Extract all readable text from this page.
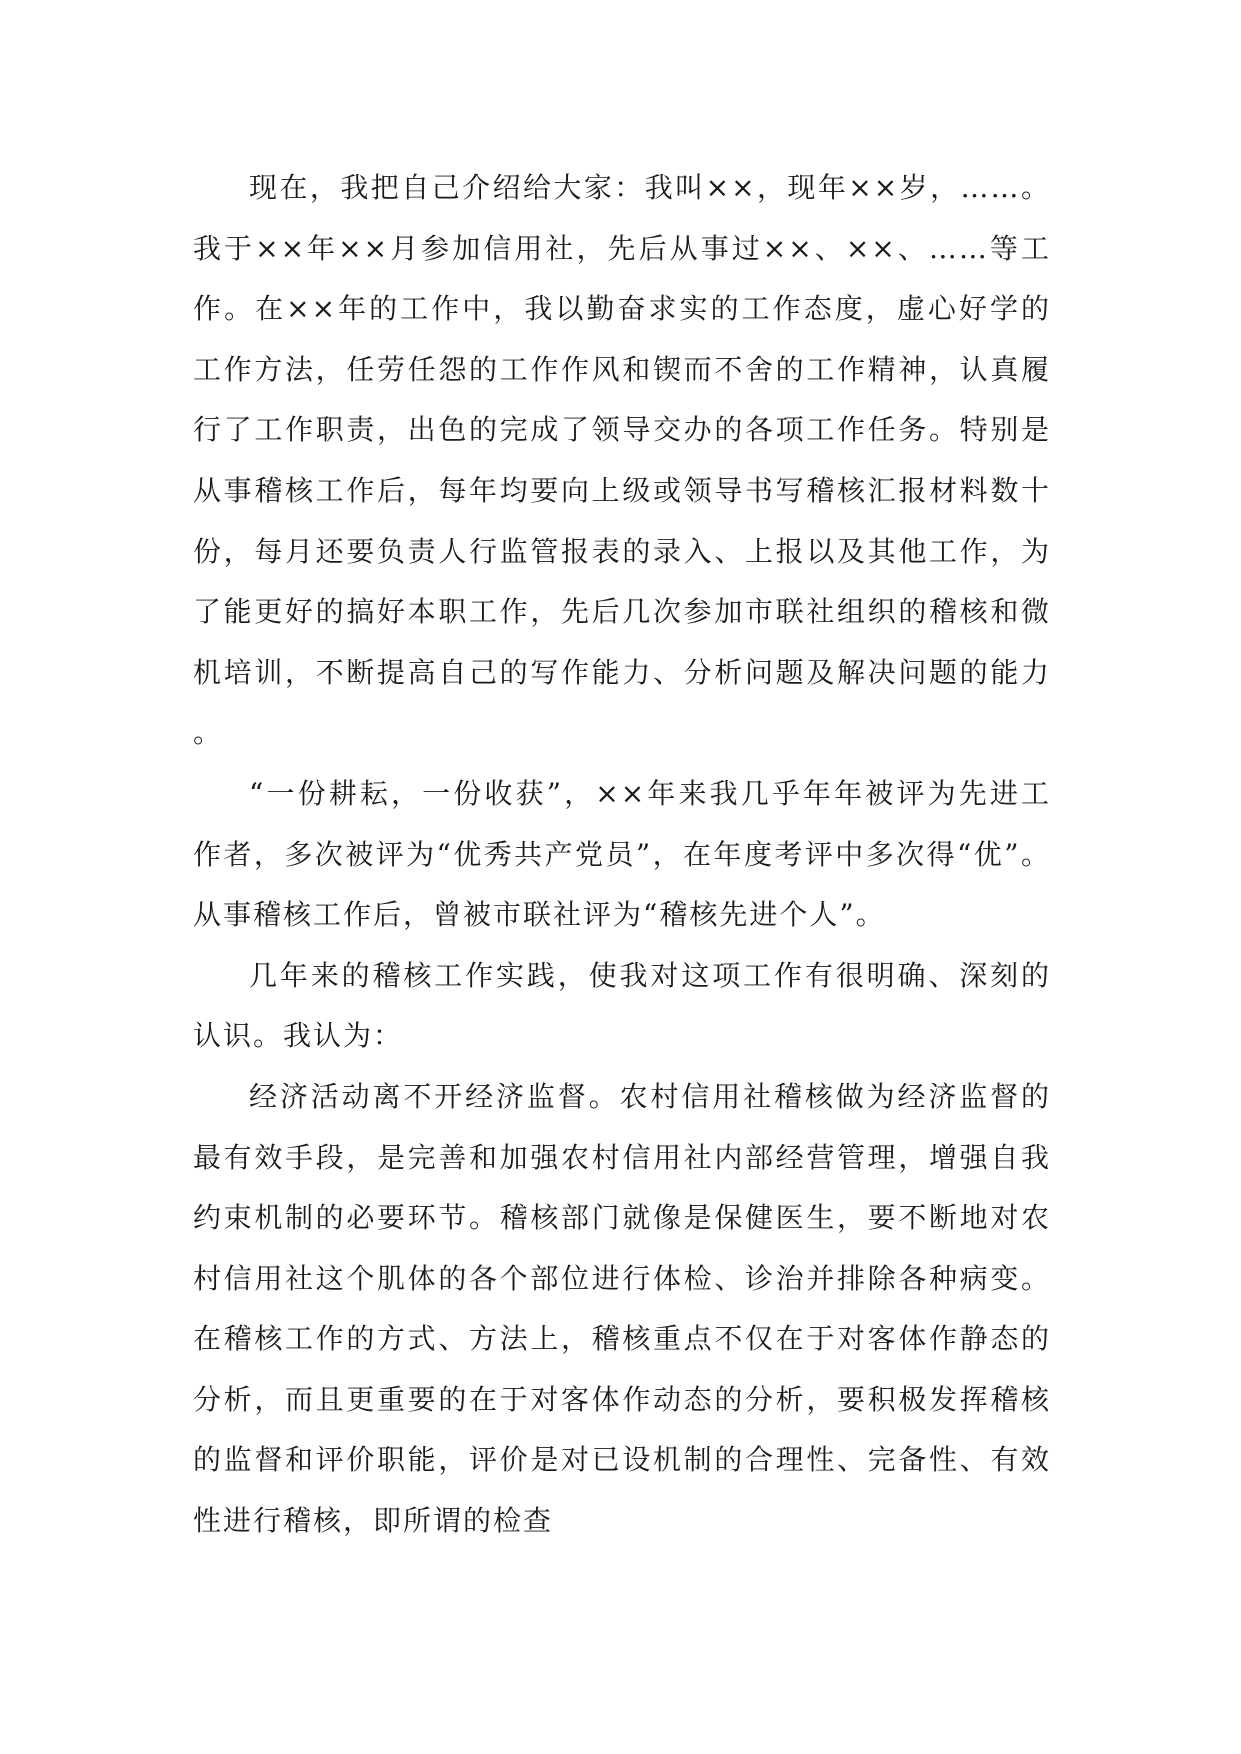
现在，我把自己介绍给大家：我叫××，现年××岁，……。我于××年××月参加信用社，先后从事过××、××、……等工作。在××年的工作中，我以勤奋求实的工作态度，虚心好学的工作方法，任劳任怨的工作作风和锲而不舍的工作精神，认真履行了工作职责，出色的完成了领导交办的各项工作任务。特别是从事稽核工作后，每年均要向上级或领导书写稽核汇报材料数十份，每月还要负责人行监管报表的录入、上报以及其他工作，为了能更好的搞好本职工作，先后几次参加市联社组织的稽核和微机培训，不断提高自己的写作能力、分析问题及解决问题的能力。

“一份耕耘，一份收获”，××年来我几乎年年被评为先进工作者，多次被评为“优秀共产党员”，在年度考评中多次得“优”。从事稽核工作后，曾被市联社评为“稽核先进个人”。

几年来的稽核工作实践，使我对这项工作有很明确、深刻的认识。我认为：

经济活动离不开经济监督。农村信用社稽核做为经济监督的最有效手段，是完善和加强农村信用社内部经营管理，增强自我约束机制的必要环节。稽核部门就像是保健医生，要不断地对农村信用社这个肌体的各个部位进行体检、诊治并排除各种病变。在稽核工作的方式、方法上，稽核重点不仅在于对客体作静态的分析，而且更重要的在于对客体作动态的分析，要积极发挥稽核的监督和评价职能，评价是对已设机制的合理性、完备性、有效性进行稽核，即所谓的检查
